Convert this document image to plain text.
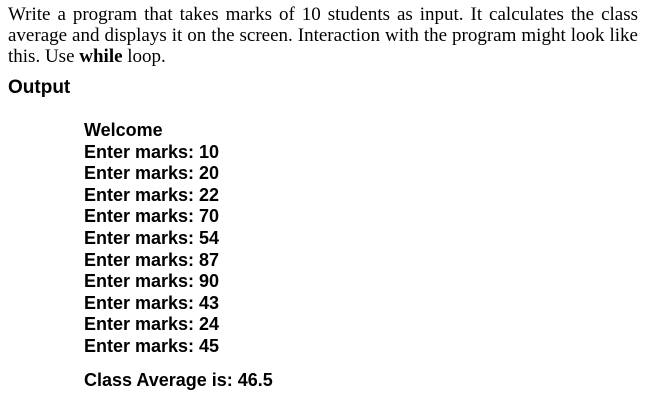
Write a program that takes marks of 10 students as input. It calculates the class average and displays it on the screen. Interaction with the program might look like this. Use while loop.
Output
Welcome
Enter marks: 10
Enter marks: 20
Enter marks: 22
Enter marks: 70
Enter marks: 54
Enter marks: 87
Enter marks: 90
Enter marks: 43
Enter marks: 24
Enter marks: 45
Class Average is: 46.5
